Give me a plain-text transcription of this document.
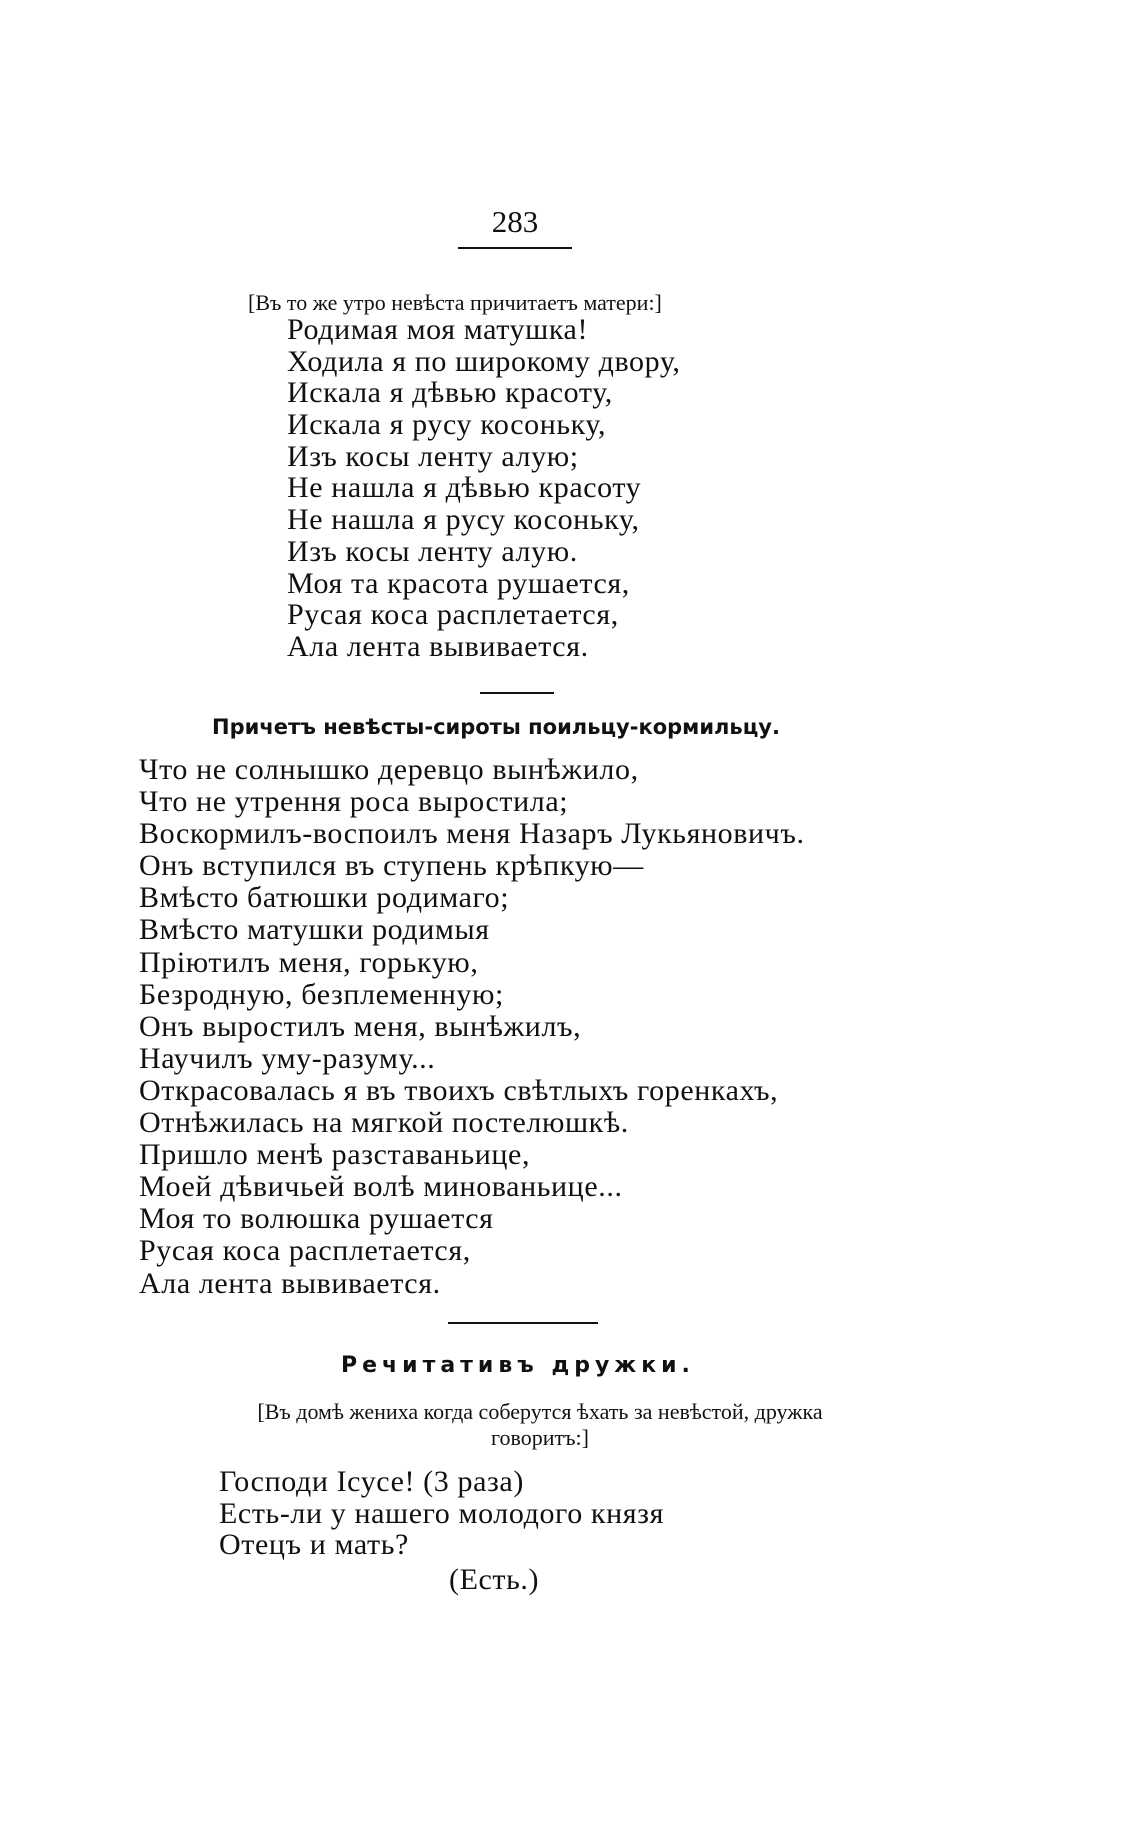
283
[Въ то же утро невѣста причитаетъ матери:]
Родимая моя матушка!
Ходила я по широкому двору,
Искала я дѣвью красоту,
Искала я русу косоньку,
Изъ косы ленту алую;
Не нашла я дѣвью красоту
Не нашла я русу косоньку,
Изъ косы ленту алую.
Моя та красота рушается,
Русая коса расплетается,
Ала лента вывивается.
Причетъ невѣсты-сироты поильцу-кормильцу.
Что не солнышко деревцо вынѣжило,
Что не утрення роса выростила;
Воскормилъ-воспоилъ меня Назаръ Лукьяновичъ.
Онъ вступился въ ступень крѣпкую—
Вмѣсто батюшки родимаго;
Вмѣсто матушки родимыя
Пріютилъ меня, горькую,
Безродную, безплеменную;
Онъ выростилъ меня, вынѣжилъ,
Научилъ уму-разуму...
Открасовалась я въ твоихъ свѣтлыхъ горенкахъ,
Отнѣжилась на мягкой постелюшкѣ.
Пришло менѣ разставаньице,
Моей дѣвичьей волѣ минованьице...
Моя то волюшка рушается
Русая коса расплетается,
Ала лента вывивается.
Речитативъ дружки.
[Въ домѣ жениха когда соберутся ѣхать за невѣстой, дружка
говоритъ:]
Господи Ісусе! (3 раза)
Есть-ли у нашего молодого князя
Отецъ и мать?
(Есть.)
